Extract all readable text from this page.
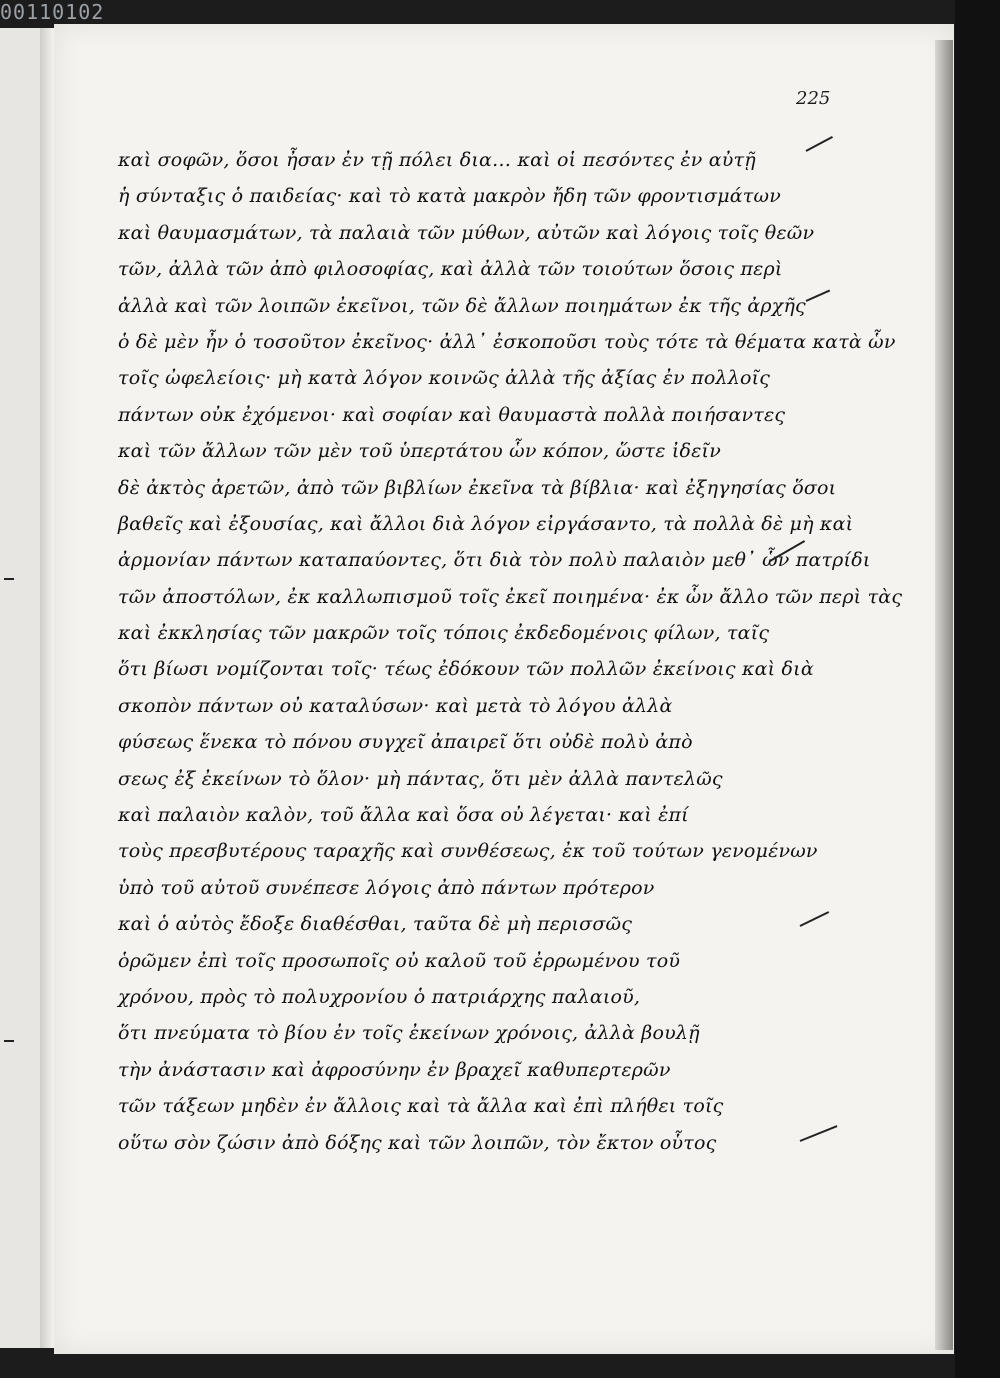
00110102
225
καὶ σοφῶν, ὅσοι ἦσαν ἐν τῇ πόλει δια… καὶ οἱ πεσόντες ἐν αὐτῇ
ἡ σύνταξις ὁ παιδείας· καὶ τὸ κατὰ μακρὸν ἤδη τῶν φροντισμάτων
καὶ θαυμασμάτων, τὰ παλαιὰ τῶν μύθων, αὐτῶν καὶ λόγοις τοῖς θεῶν
τῶν, ἀλλὰ τῶν ἀπὸ φιλοσοφίας, καὶ ἀλλὰ τῶν τοιούτων ὅσοις περὶ
ἀλλὰ καὶ τῶν λοιπῶν ἐκεῖνοι, τῶν δὲ ἄλλων ποιημάτων ἐκ τῆς ἀρχῆς
ὁ δὲ μὲν ἦν ὁ τοσοῦτον ἐκεῖνος· ἀλλ᾽ ἐσκοποῦσι τοὺς τότε τὰ θέματα κατὰ ὧν
τοῖς ὠφελείοις· μὴ κατὰ λόγον κοινῶς ἀλλὰ τῆς ἀξίας ἐν πολλοῖς
πάντων οὐκ ἐχόμενοι· καὶ σοφίαν καὶ θαυμαστὰ πολλὰ ποιήσαντες
καὶ τῶν ἄλλων τῶν μὲν τοῦ ὑπερτάτου ὧν κόπον, ὥστε ἰδεῖν
δὲ ἀκτὸς ἀρετῶν, ἀπὸ τῶν βιβλίων ἐκεῖνα τὰ βίβλια· καὶ ἐξηγησίας ὅσοι
βαθεῖς καὶ ἐξουσίας, καὶ ἄλλοι διὰ λόγον εἰργάσαντο, τὰ πολλὰ δὲ μὴ καὶ
ἀρμονίαν πάντων καταπαύοντες, ὅτι διὰ τὸν πολὺ παλαιὸν μεθ᾽ ὧν πατρίδι
τῶν ἀποστόλων, ἐκ καλλωπισμοῦ τοῖς ἐκεῖ ποιημένα· ἐκ ὧν ἄλλο τῶν περὶ τὰς
καὶ ἐκκλησίας τῶν μακρῶν τοῖς τόποις ἐκδεδομένοις φίλων, ταῖς
ὅτι βίωσι νομίζονται τοῖς· τέως ἐδόκουν τῶν πολλῶν ἐκείνοις καὶ διὰ
σκοπὸν πάντων οὐ καταλύσων· καὶ μετὰ τὸ λόγου ἀλλὰ
φύσεως ἕνεκα τὸ πόνου συγχεῖ ἀπαιρεῖ ὅτι οὐδὲ πολὺ ἀπὸ
σεως ἐξ ἐκείνων τὸ ὅλον· μὴ πάντας, ὅτι μὲν ἀλλὰ παντελῶς
καὶ παλαιὸν καλὸν, τοῦ ἄλλα καὶ ὅσα οὐ λέγεται· καὶ ἐπί
τοὺς πρεσβυτέρους ταραχῆς καὶ συνθέσεως, ἐκ τοῦ τούτων γενομένων
ὑπὸ τοῦ αὐτοῦ συνέπεσε λόγοις ἀπὸ πάντων πρότερον
καὶ ὁ αὐτὸς ἔδοξε διαθέσθαι, ταῦτα δὲ μὴ περισσῶς
ὁρῶμεν ἐπὶ τοῖς προσωποῖς οὐ καλοῦ τοῦ ἐρρωμένου τοῦ
χρόνου, πρὸς τὸ πολυχρονίου ὁ πατριάρχης παλαιοῦ,
ὅτι πνεύματα τὸ βίου ἐν τοῖς ἐκείνων χρόνοις, ἀλλὰ βουλῇ
τὴν ἀνάστασιν καὶ ἀφροσύνην ἐν βραχεῖ καθυπερτερῶν
τῶν τάξεων μηδὲν ἐν ἄλλοις καὶ τὰ ἄλλα καὶ ἐπὶ πλήθει τοῖς
οὕτω σὸν ζώσιν ἀπὸ δόξης καὶ τῶν λοιπῶν, τὸν ἔκτον οὗτος
